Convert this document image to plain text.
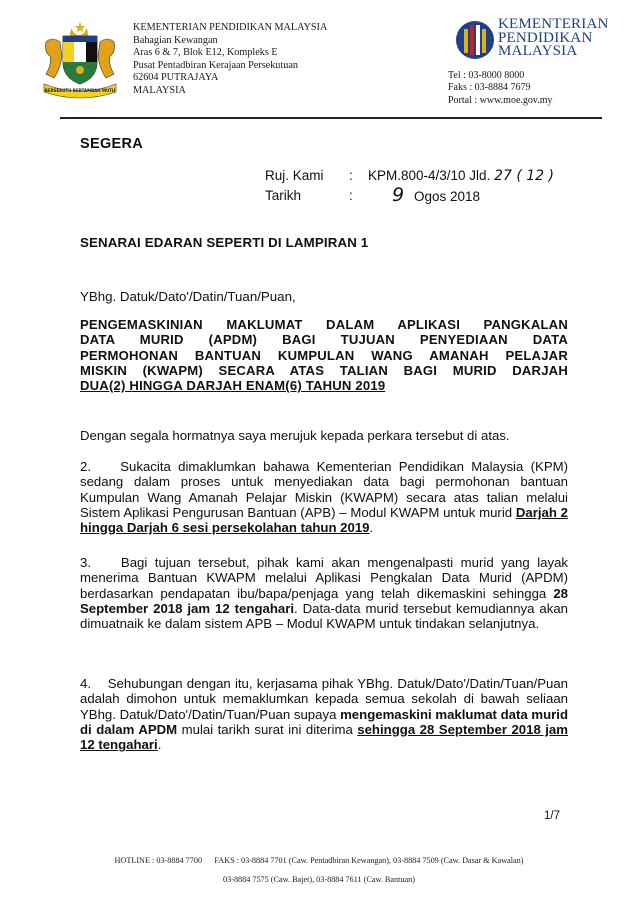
BERSEKUTU BERTAMBAH MUTU
KEMENTERIAN PENDIDIKAN MALAYSIA
Bahagian Kewangan
Aras 6 & 7, Blok E12, Kompleks E
Pusat Pentadbiran Kerajaan Persekutuan
62604 PUTRAJAYA
MALAYSIA
KEMENTERIAN
PENDIDIKAN
MALAYSIA
Tel : 03-8000 8000
Faks : 03-8884 7679
Portal : www.moe.gov.my
SEGERA
Ruj. Kami : KPM.800-4/3/10 Jld. 27 ( 12 )
Tarikh	: 9 Ogos 2018
SENARAI EDARAN SEPERTI DI LAMPIRAN 1
YBhg. Datuk/Dato'/Datin/Tuan/Puan,
PENGEMASKINIAN MAKLUMAT DALAM APLIKASI PANGKALAN
DATA MURID (APDM) BAGI TUJUAN PENYEDIAAN DATA
PERMOHONAN BANTUAN KUMPULAN WANG AMANAH PELAJAR
MISKIN (KWAPM) SECARA ATAS TALIAN BAGI MURID DARJAH
DUA(2) HINGGA DARJAH ENAM(6) TAHUN 2019

Dengan segala hormatnya saya merujuk kepada perkara tersebut di atas.

2.    Sukacita dimaklumkan bahawa Kementerian Pendidikan Malaysia (KPM) sedang dalam proses untuk menyediakan data bagi permohonan bantuan Kumpulan Wang Amanah Pelajar Miskin (KWAPM) secara atas talian melalui Sistem Aplikasi Pengurusan Bantuan (APB) – Modul KWAPM untuk murid Darjah 2 hingga Darjah 6 sesi persekolahan tahun 2019.

3.    Bagi tujuan tersebut, pihak kami akan mengenalpasti murid yang layak menerima Bantuan KWAPM melalui Aplikasi Pengkalan Data Murid (APDM) berdasarkan pendapatan ibu/bapa/penjaga yang telah dikemaskini sehingga 28 September 2018 jam 12 tengahari. Data-data murid tersebut kemudiannya akan dimuatnaik ke dalam sistem APB – Modul KWAPM untuk tindakan selanjutnya.

4.    Sehubungan dengan itu, kerjasama pihak YBhg. Datuk/Dato'/Datin/Tuan/Puan adalah dimohon untuk memaklumkan kepada semua sekolah di bawah seliaan YBhg. Datuk/Dato'/Datin/Tuan/Puan supaya mengemaskini maklumat data murid di dalam APDM mulai tarikh surat ini diterima sehingga 28 September 2018 jam 12 tengahari.

1/7
HOTLINE : 03-8884 7700      FAKS : 03-8884 7701 (Caw. Pentadbiran Kewangan), 03-8884 7509 (Caw. Dasar & Kawalan)
03-8884 7575 (Caw. Bajet), 03-8884 7611 (Caw. Bantuan)
